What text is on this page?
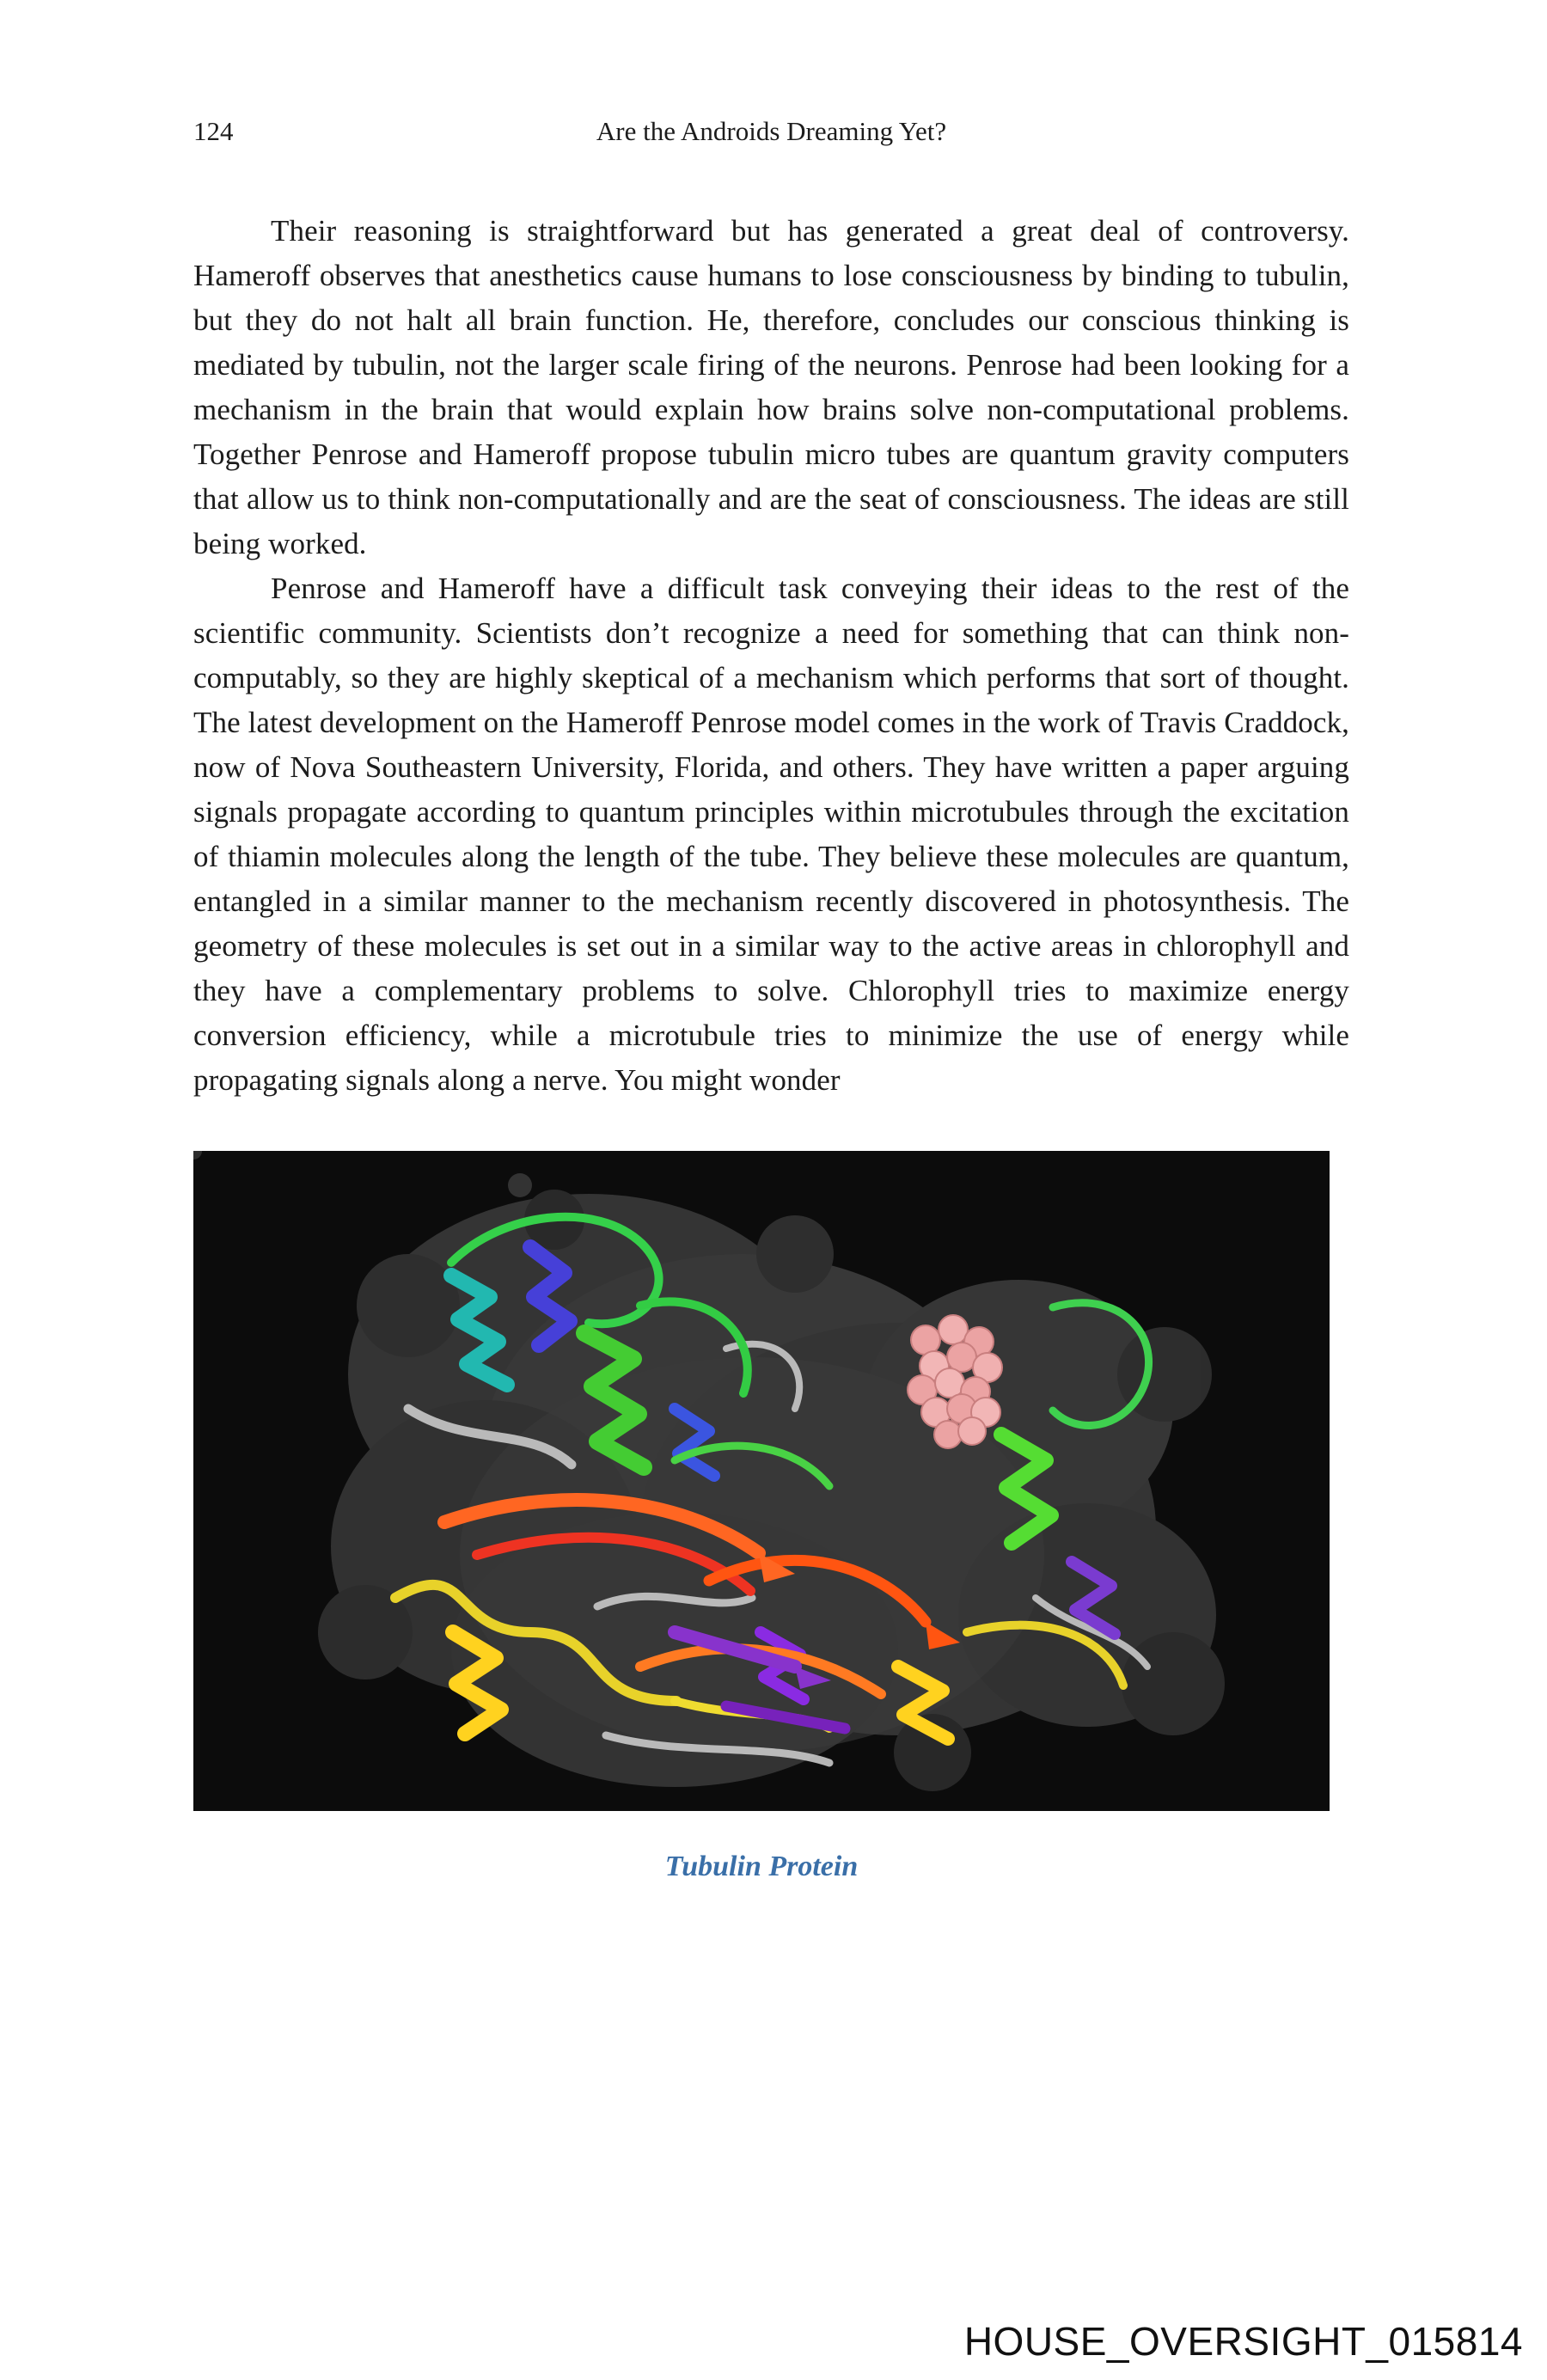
124	Are the Androids Dreaming Yet?

Their reasoning is straightforward but has generated a great deal of controversy. Hameroff observes that anesthetics cause humans to lose consciousness by binding to tubulin, but they do not halt all brain function. He, therefore, concludes our conscious thinking is mediated by tubulin, not the larger scale firing of the neurons. Penrose had been looking for a mechanism in the brain that would explain how brains solve non-computational problems. Together Penrose and Hameroff propose tubulin micro tubes are quantum gravity computers that allow us to think non-computationally and are the seat of consciousness. The ideas are still being worked.

Penrose and Hameroff have a difficult task conveying their ideas to the rest of the scientific community. Scientists don’t recognize a need for something that can think non-computably, so they are highly skeptical of a mechanism which performs that sort of thought. The latest development on the Hameroff Penrose model comes in the work of Travis Craddock, now of Nova Southeastern University, Florida, and others. They have written a paper arguing signals propagate according to quantum principles within microtubules through the excitation of thiamin molecules along the length of the tube. They believe these molecules are quantum, entangled in a similar manner to the mechanism recently discovered in photosynthesis. The geometry of these molecules is set out in a similar way to the active areas in chlorophyll and they have a complementary problems to solve. Chlorophyll tries to maximize energy conversion efficiency, while a microtubule tries to minimize the use of energy while propagating signals along a nerve. You might wonder

Tubulin Protein
HOUSE_OVERSIGHT_015814
